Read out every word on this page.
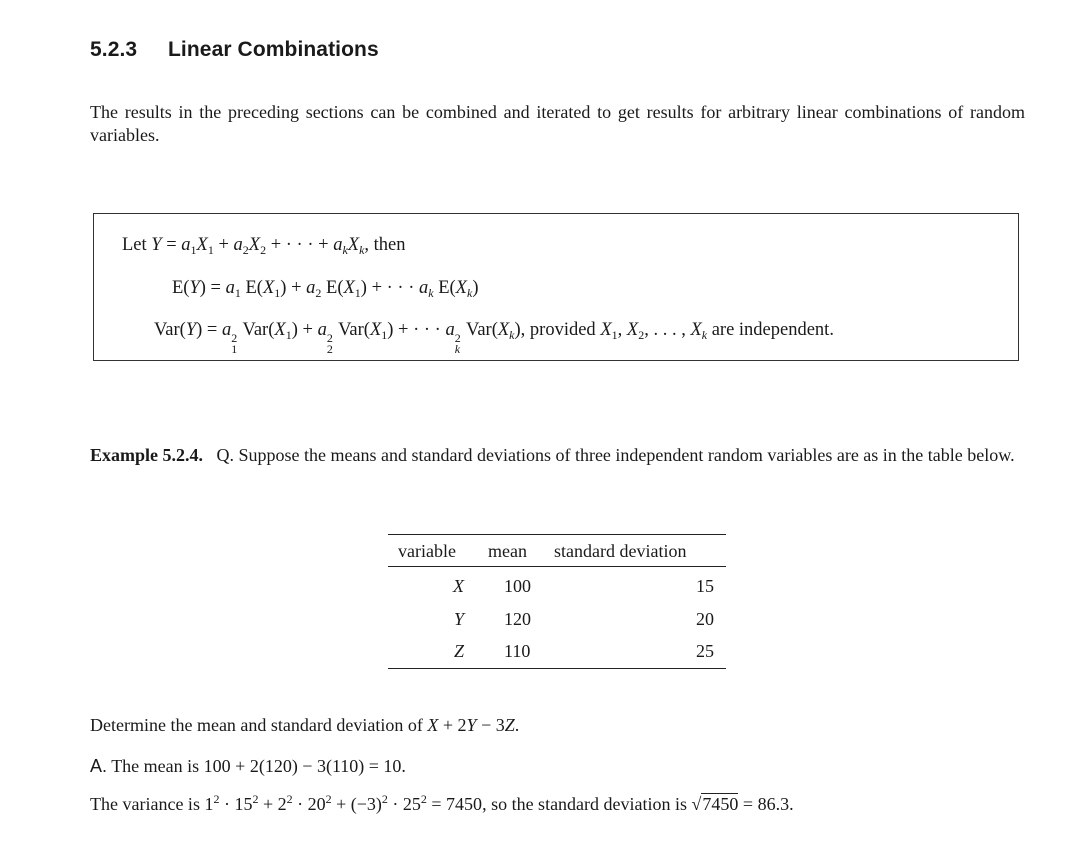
5.2.3 Linear Combinations
The results in the preceding sections can be combined and iterated to get results for arbitrary linear combinations of random variables.
Let $Y = a_1X_1 + a_2X_2$ + · · · + $a_kX_k$, then
$E(Y) = a_1$ $E(X_1) + a_2$ $E(X_1)$ + · · · $a_k$ $E(X_k)$
Var(Y) = a 2
1
$Var(X_1) + a$ 2
2
$Var(X_1)$ + · · · a 2
k
$Var(X_k)$, provided $X_1$, $X_2$, . . . , $X_k$ are independent.
Example 5.2.4. Q. Suppose the means and standard deviations of three independent random variables are as in the table below.
variable mean standard deviation
X 100	15
Y 120	20
Z 110	25
Determine the mean and standard deviation of X + 2Y − 3Z.
A. The mean is 100 + 2(120) − 3(110) = 10.
The variance is $1^2 \cdot 15^2 + 2^2 \cdot 20^2 + (-3)^2 \cdot 25^2 = 7450$, so the standard deviation is √7450 = 86.3.
